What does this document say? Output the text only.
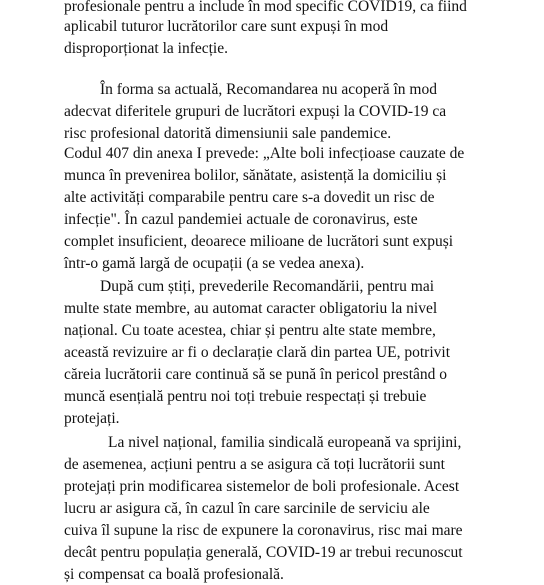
profesionale pentru a include în mod specific COVID19, ca fiind
aplicabil tuturor lucrătorilor care sunt expuși în mod
disproporționat la infecție.
În forma sa actuală, Recomandarea nu acoperă în mod
adecvat diferitele grupuri de lucrători expuși la COVID-19 ca
risc profesional datorită dimensiunii sale pandemice.
Codul 407 din anexa I prevede: „Alte boli infecțioase cauzate de
munca în prevenirea bolilor, sănătate, asistență la domiciliu și
alte activități comparabile pentru care s-a dovedit un risc de
infecție". În cazul pandemiei actuale de coronavirus, este
complet insuficient, deoarece milioane de lucrători sunt expuși
într-o gamă largă de ocupații (a se vedea anexa).
După cum știți, prevederile Recomandării, pentru mai
multe state membre, au automat caracter obligatoriu la nivel
național. Cu toate acestea, chiar și pentru alte state membre,
această revizuire ar fi o declarație clară din partea UE, potrivit
căreia lucrătorii care continuă să se pună în pericol prestând o
muncă esențială pentru noi toți trebuie respectați și trebuie
protejați.
La nivel național, familia sindicală europeană va sprijini,
de asemenea, acțiuni pentru a se asigura că toți lucrătorii sunt
protejați prin modificarea sistemelor de boli profesionale. Acest
lucru ar asigura că, în cazul în care sarcinile de serviciu ale
cuiva îl supune la risc de expunere la coronavirus, risc mai mare
decât pentru populația generală, COVID-19 ar trebui recunoscut
și compensat ca boală profesională.
